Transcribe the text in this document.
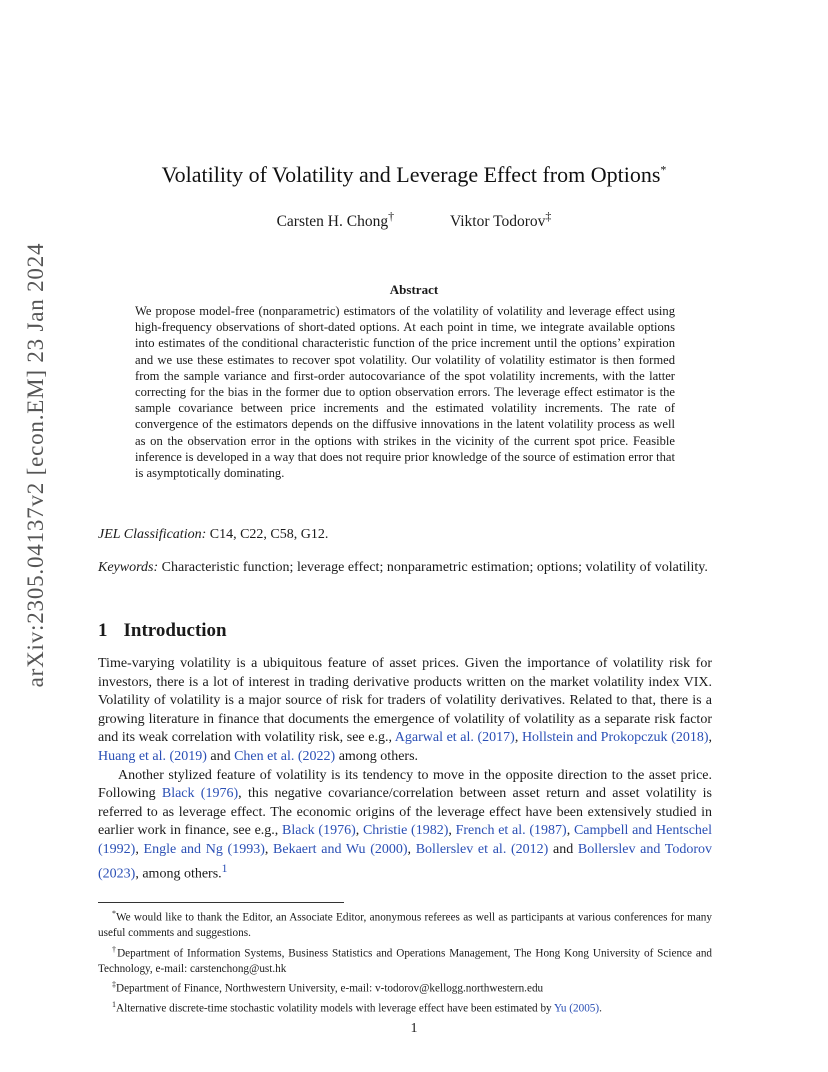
arXiv:2305.04137v2 [econ.EM] 23 Jan 2024
Volatility of Volatility and Leverage Effect from Options*
Carsten H. Chong†	Viktor Todorov‡
Abstract
We propose model-free (nonparametric) estimators of the volatility of volatility and leverage effect using high-frequency observations of short-dated options. At each point in time, we integrate available options into estimates of the conditional characteristic function of the price increment until the options’ expiration and we use these estimates to recover spot volatility. Our volatility of volatility estimator is then formed from the sample variance and first-order autocovariance of the spot volatility increments, with the latter correcting for the bias in the former due to option observation errors. The leverage effect estimator is the sample covariance between price increments and the estimated volatility increments. The rate of convergence of the estimators depends on the diffusive innovations in the latent volatility process as well as on the observation error in the options with strikes in the vicinity of the current spot price. Feasible inference is developed in a way that does not require prior knowledge of the source of estimation error that is asymptotically dominating.
JEL Classification: C14, C22, C58, G12.
Keywords: Characteristic function; leverage effect; nonparametric estimation; options; volatility of volatility.
1 Introduction

Time-varying volatility is a ubiquitous feature of asset prices. Given the importance of volatility risk for investors, there is a lot of interest in trading derivative products written on the market volatility index VIX. Volatility of volatility is a major source of risk for traders of volatility derivatives. Related to that, there is a growing literature in finance that documents the emergence of volatility of volatility as a separate risk factor and its weak correlation with volatility risk, see e.g., Agarwal et al. (2017), Hollstein and Prokopczuk (2018), Huang et al. (2019) and Chen et al. (2022) among others.

Another stylized feature of volatility is its tendency to move in the opposite direction to the asset price. Following Black (1976), this negative covariance/correlation between asset return and asset volatility is referred to as leverage effect. The economic origins of the leverage effect have been extensively studied in earlier work in finance, see e.g., Black (1976), Christie (1982), French et al. (1987), Campbell and Hentschel (1992), Engle and Ng (1993), Bekaert and Wu (2000), Bollerslev et al. (2012) and Bollerslev and Todorov (2023), among others.$^1$

*We would like to thank the Editor, an Associate Editor, anonymous referees as well as participants at various conferences for many useful comments and suggestions.

†Department of Information Systems, Business Statistics and Operations Management, The Hong Kong University of Science and Technology, e-mail: carstenchong@ust.hk

‡Department of Finance, Northwestern University, e-mail: v-todorov@kellogg.northwestern.edu

$^1$Alternative discrete-time stochastic volatility models with leverage effect have been estimated by Yu (2005).

1
